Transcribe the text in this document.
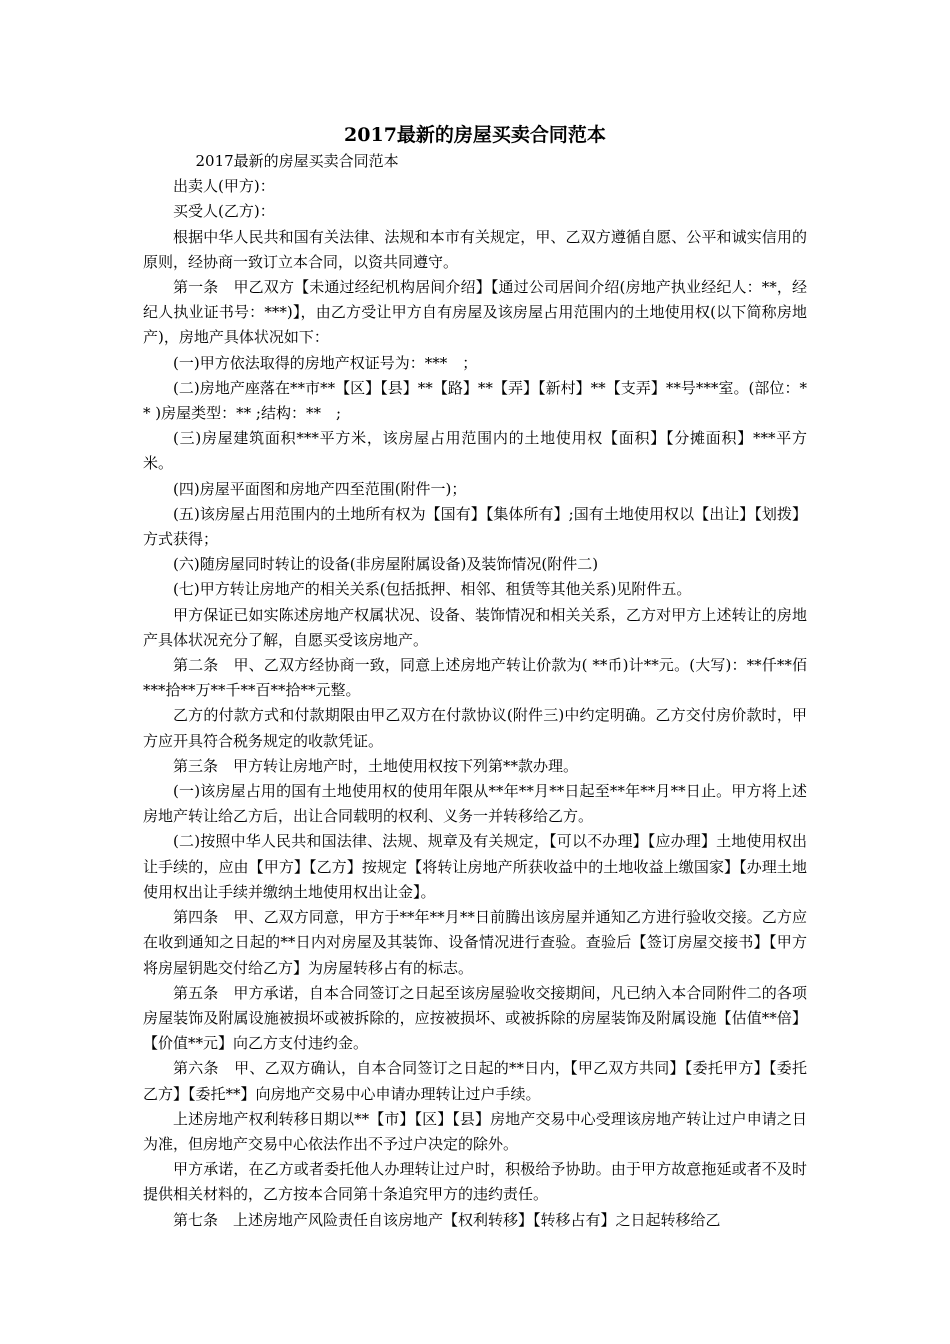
2017最新的房屋买卖合同范本

2017最新的房屋买卖合同范本

出卖人(甲方)：

买受人(乙方)：

根据中华人民共和国有关法律、法规和本市有关规定，甲、乙双方遵循自愿、公平和诚实信用的原则，经协商一致订立本合同，以资共同遵守。

第一条　甲乙双方【未通过经纪机构居间介绍】【通过公司居间介绍(房地产执业经纪人：**，经纪人执业证书号：***)】，由乙方受让甲方自有房屋及该房屋占用范围内的土地使用权(以下简称房地产)，房地产具体状况如下：

(一)甲方依法取得的房地产权证号为：***　；

(二)房地产座落在**市**【区】【县】**【路】**【弄】【新村】**【支弄】**号***室。(部位：** )房屋类型：** ;结构：**　;

(三)房屋建筑面积***平方米，该房屋占用范围内的土地使用权【面积】【分摊面积】***平方米。

(四)房屋平面图和房地产四至范围(附件一)；

(五)该房屋占用范围内的土地所有权为【国有】【集体所有】;国有土地使用权以【出让】【划拨】方式获得；

(六)随房屋同时转让的设备(非房屋附属设备)及装饰情况(附件二)

(七)甲方转让房地产的相关关系(包括抵押、相邻、租赁等其他关系)见附件五。

甲方保证已如实陈述房地产权属状况、设备、装饰情况和相关关系，乙方对甲方上述转让的房地产具体状况充分了解，自愿买受该房地产。

第二条　甲、乙双方经协商一致，同意上述房地产转让价款为( **币)计**元。(大写)：**仟**佰***拾**万**千**百**拾**元整。

乙方的付款方式和付款期限由甲乙双方在付款协议(附件三)中约定明确。乙方交付房价款时，甲方应开具符合税务规定的收款凭证。

第三条　甲方转让房地产时，土地使用权按下列第**款办理。

(一)该房屋占用的国有土地使用权的使用年限从**年**月**日起至**年**月**日止。甲方将上述房地产转让给乙方后，出让合同载明的权利、义务一并转移给乙方。

(二)按照中华人民共和国法律、法规、规章及有关规定，【可以不办理】【应办理】土地使用权出让手续的，应由【甲方】【乙方】按规定【将转让房地产所获收益中的土地收益上缴国家】【办理土地使用权出让手续并缴纳土地使用权出让金】。

第四条　甲、乙双方同意，甲方于**年**月**日前腾出该房屋并通知乙方进行验收交接。乙方应在收到通知之日起的**日内对房屋及其装饰、设备情况进行查验。查验后【签订房屋交接书】【甲方将房屋钥匙交付给乙方】为房屋转移占有的标志。

第五条　甲方承诺，自本合同签订之日起至该房屋验收交接期间，凡已纳入本合同附件二的各项房屋装饰及附属设施被损坏或被拆除的，应按被损坏、或被拆除的房屋装饰及附属设施【估值**倍】【价值**元】向乙方支付违约金。

第六条　甲、乙双方确认，自本合同签订之日起的**日内，【甲乙双方共同】【委托甲方】【委托乙方】【委托**】向房地产交易中心申请办理转让过户手续。

上述房地产权利转移日期以**【市】【区】【县】房地产交易中心受理该房地产转让过户申请之日为准，但房地产交易中心依法作出不予过户决定的除外。

甲方承诺，在乙方或者委托他人办理转让过户时，积极给予协助。由于甲方故意拖延或者不及时提供相关材料的，乙方按本合同第十条追究甲方的违约责任。

第七条　上述房地产风险责任自该房地产【权利转移】【转移占有】之日起转移给乙
